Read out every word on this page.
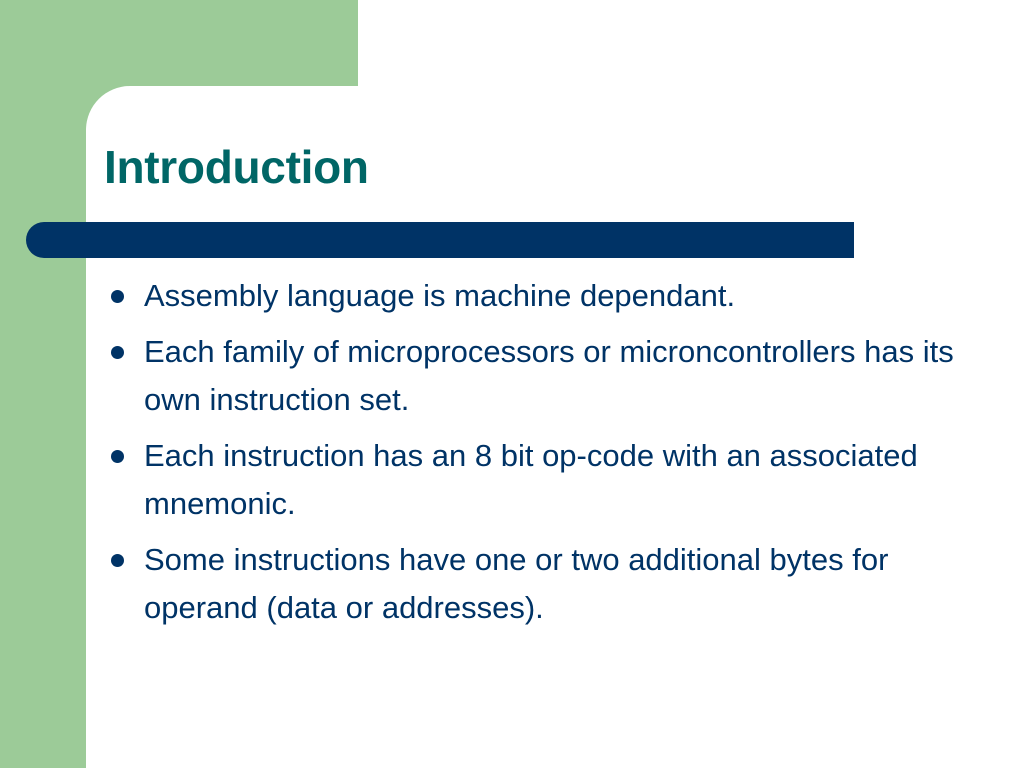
Introduction
Assembly language is machine dependant.
Each family of microprocessors or microncontrollers has its own instruction set.
Each instruction has an 8 bit op-code with an associated mnemonic.
Some instructions have one or two additional bytes for operand (data or addresses).
